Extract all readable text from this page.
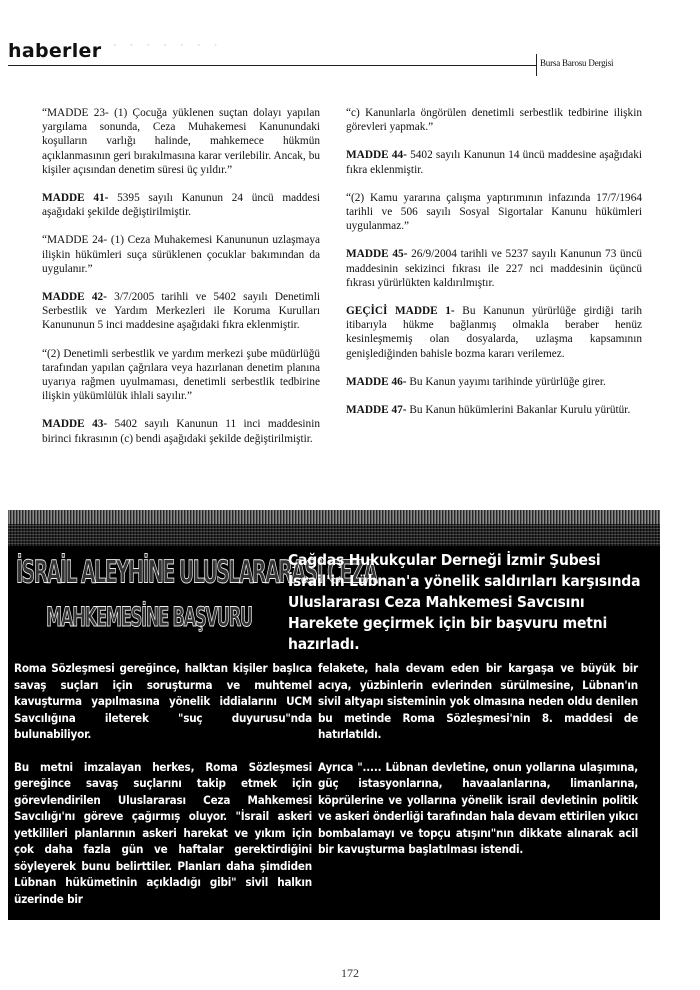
haberler · · · · · · ·
Bursa Barosu Dergisi

“MADDE 23- (1) Çocuğa yüklenen suçtan dolayı yapılan yargılama sonunda, Ceza Muhakemesi Kanunundaki koşulların varlığı halinde, mahkemece hükmün açıklanmasının geri bırakılmasına karar verilebilir. Ancak, bu kişiler açısından denetim süresi üç yıldır.”

MADDE 41- 5395 sayılı Kanunun 24 üncü maddesi aşağıdaki şekilde değiştirilmiştir.

“MADDE 24- (1) Ceza Muhakemesi Kanununun uzlaşmaya ilişkin hükümleri suça sürüklenen çocuklar bakımından da uygulanır.”

MADDE 42- 3/7/2005 tarihli ve 5402 sayılı Denetimli Serbestlik ve Yardım Merkezleri ile Koruma Kurulları Kanununun 5 inci maddesine aşağıdaki fıkra eklenmiştir.

“(2) Denetimli serbestlik ve yardım merkezi şube müdürlüğü tarafından yapılan çağrılara veya hazırlanan denetim planına uyarıya rağmen uyulmaması, denetimli serbestlik tedbirine ilişkin yükümlülük ihlali sayılır.”

MADDE 43- 5402 sayılı Kanunun 11 inci maddesinin birinci fıkrasının (c) bendi aşağıdaki şekilde değiştirilmiştir.

“c) Kanunlarla öngörülen denetimli serbestlik tedbirine ilişkin görevleri yapmak.”

MADDE 44- 5402 sayılı Kanunun 14 üncü maddesine aşağıdaki fıkra eklenmiştir.

“(2) Kamu yararına çalışma yaptırımının infazında 17/7/1964 tarihli ve 506 sayılı Sosyal Sigortalar Kanunu hükümleri uygulanmaz.”

MADDE 45- 26/9/2004 tarihli ve 5237 sayılı Kanunun 73 üncü maddesinin sekizinci fıkrası ile 227 nci maddesinin üçüncü fıkrası yürürlükten kaldırılmıştır.

GEÇİCİ MADDE 1- Bu Kanunun yürürlüğe girdiği tarih itibarıyla hükme bağlanmış olmakla beraber henüz kesinleşmemiş olan dosyalarda, uzlaşma kapsamının genişlediğinden bahisle bozma kararı verilemez.

MADDE 46- Bu Kanun yayımı tarihinde yürürlüğe girer.

MADDE 47- Bu Kanun hükümlerini Bakanlar Kurulu yürütür.

İSRAİL ALEYHİNE ULUSLARARASI CEZA
MAHKEMESİNE BAŞVURU
Çağdaş Hukukçular Derneği İzmir Şubesi İsrail'in Lübnan'a yönelik saldırıları karşısında Uluslararası Ceza Mahkemesi Savcısını Harekete geçirmek için bir başvuru metni hazırladı.

Roma Sözleşmesi gereğince, halktan kişiler başlıca savaş suçları için soruşturma ve muhtemel kavuşturma yapılmasına yönelik iddialarını UCM Savcılığına ileterek "suç duyurusu"nda bulunabiliyor.

Bu metni imzalayan herkes, Roma Sözleşmesi gereğince savaş suçlarını takip etmek için görevlendirilen Uluslararası Ceza Mahkemesi Savcılığı'nı göreve çağırmış oluyor. "İsrail askeri yetkilileri planlarının askeri harekat ve yıkım için çok daha fazla gün ve haftalar gerektirdiğini söyleyerek bunu belirttiler. Planları daha şimdiden Lübnan hükümetinin açıkladığı gibi" sivil halkın üzerinde bir

felakete, hala devam eden bir kargaşa ve büyük bir acıya, yüzbinlerin evlerinden sürülmesine, Lübnan'ın sivil altyapı sisteminin yok olmasına neden oldu denilen bu metinde Roma Sözleşmesi'nin 8. maddesi de hatırlatıldı.

Ayrıca "..... Lübnan devletine, onun yollarına ulaşımına, güç istasyonlarına, havaalanlarına, limanlarına, köprülerine ve yollarına yönelik israil devletinin politik ve askeri önderliği tarafından hala devam ettirilen yıkıcı bombalamayı ve topçu atışını"nın dikkate alınarak acil bir kavuşturma başlatılması istendi.

172
